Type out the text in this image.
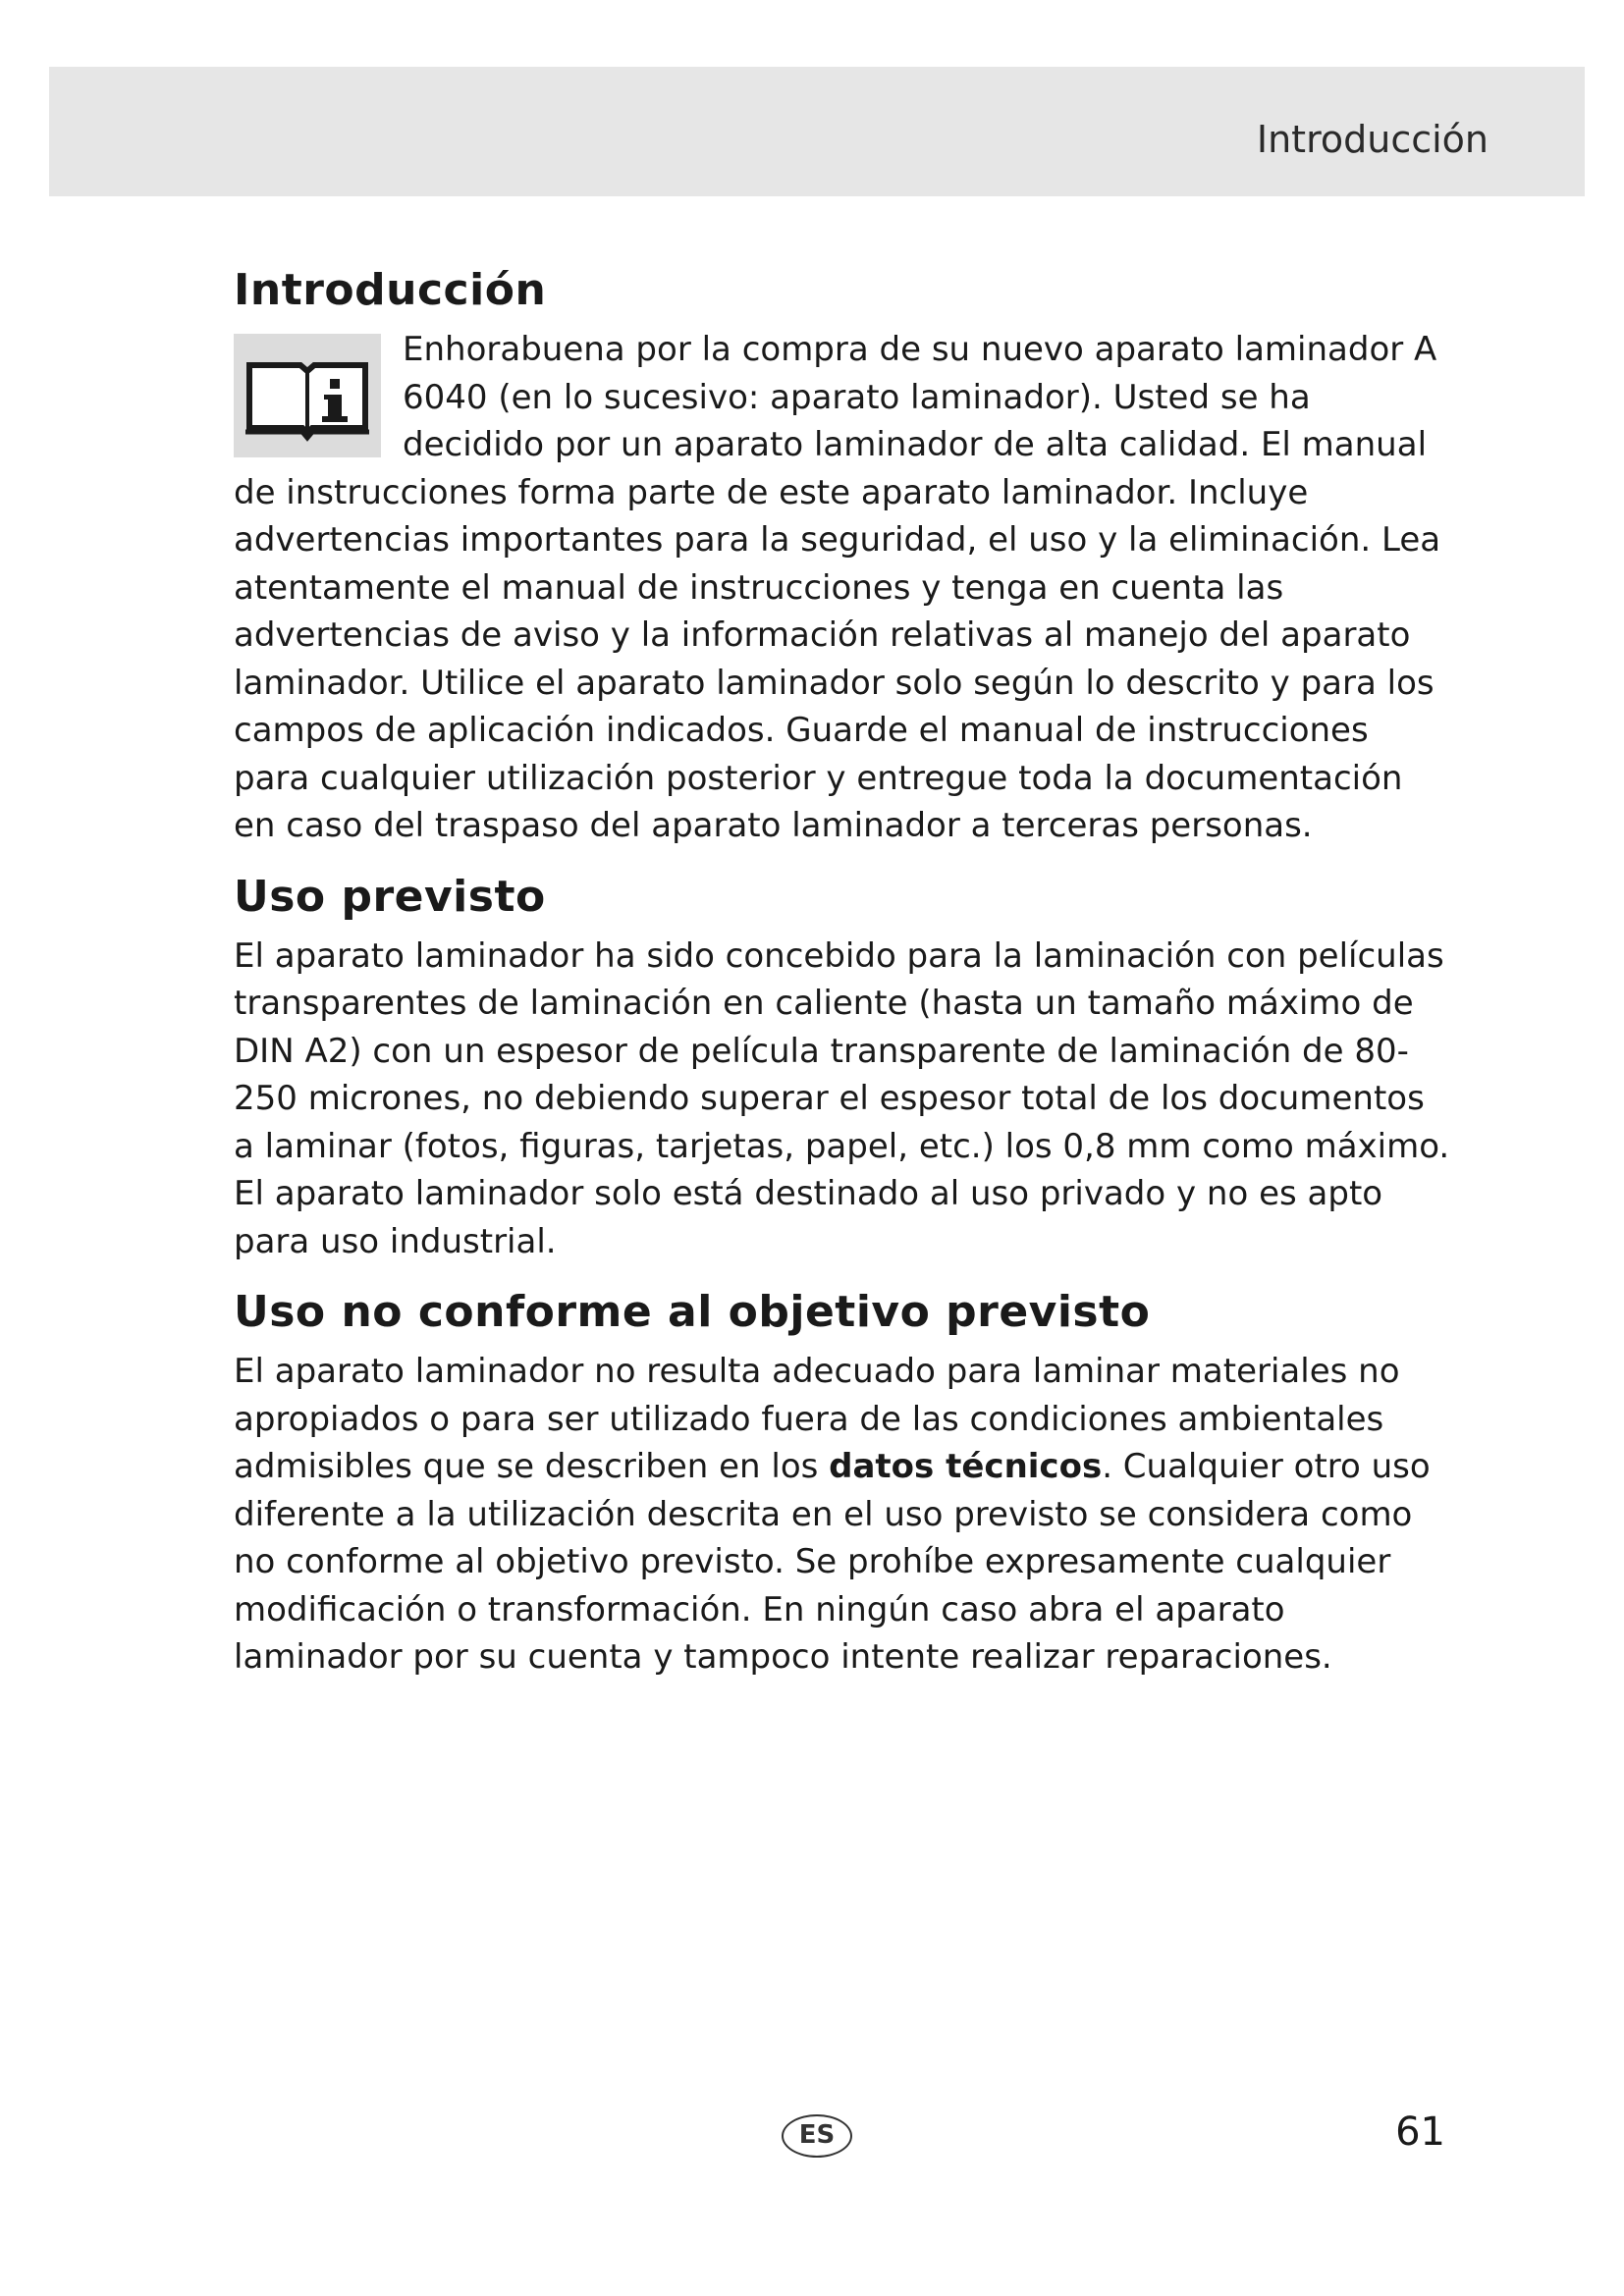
Introducción
Introducción

Enhorabuena por la compra de su nuevo aparato laminador A 6040 (en lo sucesivo: aparato laminador). Usted se ha decidido por un aparato laminador de alta calidad. El manual de instrucciones forma parte de este aparato laminador. Incluye advertencias importantes para la seguridad, el uso y la eliminación. Lea atentamente el manual de instrucciones y tenga en cuenta las advertencias de aviso y la información relativas al manejo del aparato laminador. Utilice el aparato laminador solo según lo descrito y para los campos de aplicación indicados. Guarde el manual de instrucciones para cualquier utilización posterior y entregue toda la documentación en caso del traspaso del aparato laminador a terceras personas.

Uso previsto

El aparato laminador ha sido concebido para la laminación con películas transparentes de laminación en caliente (hasta un tamaño máximo de DIN A2) con un espesor de película transparente de laminación de 80-250 micrones, no debiendo superar el espesor total de los documentos a laminar (fotos, figuras, tarjetas, papel, etc.) los 0,8 mm como máximo. El aparato laminador solo está destinado al uso privado y no es apto para uso industrial.

Uso no conforme al objetivo previsto

El aparato laminador no resulta adecuado para laminar materiales no apropiados o para ser utilizado fuera de las condiciones ambientales admisibles que se describen en los datos técnicos. Cualquier otro uso diferente a la utilización descrita en el uso previsto se considera como no conforme al objetivo previsto. Se prohíbe expresamente cualquier modificación o transformación. En ningún caso abra el aparato laminador por su cuenta y tampoco intente realizar reparaciones.

ES	61
